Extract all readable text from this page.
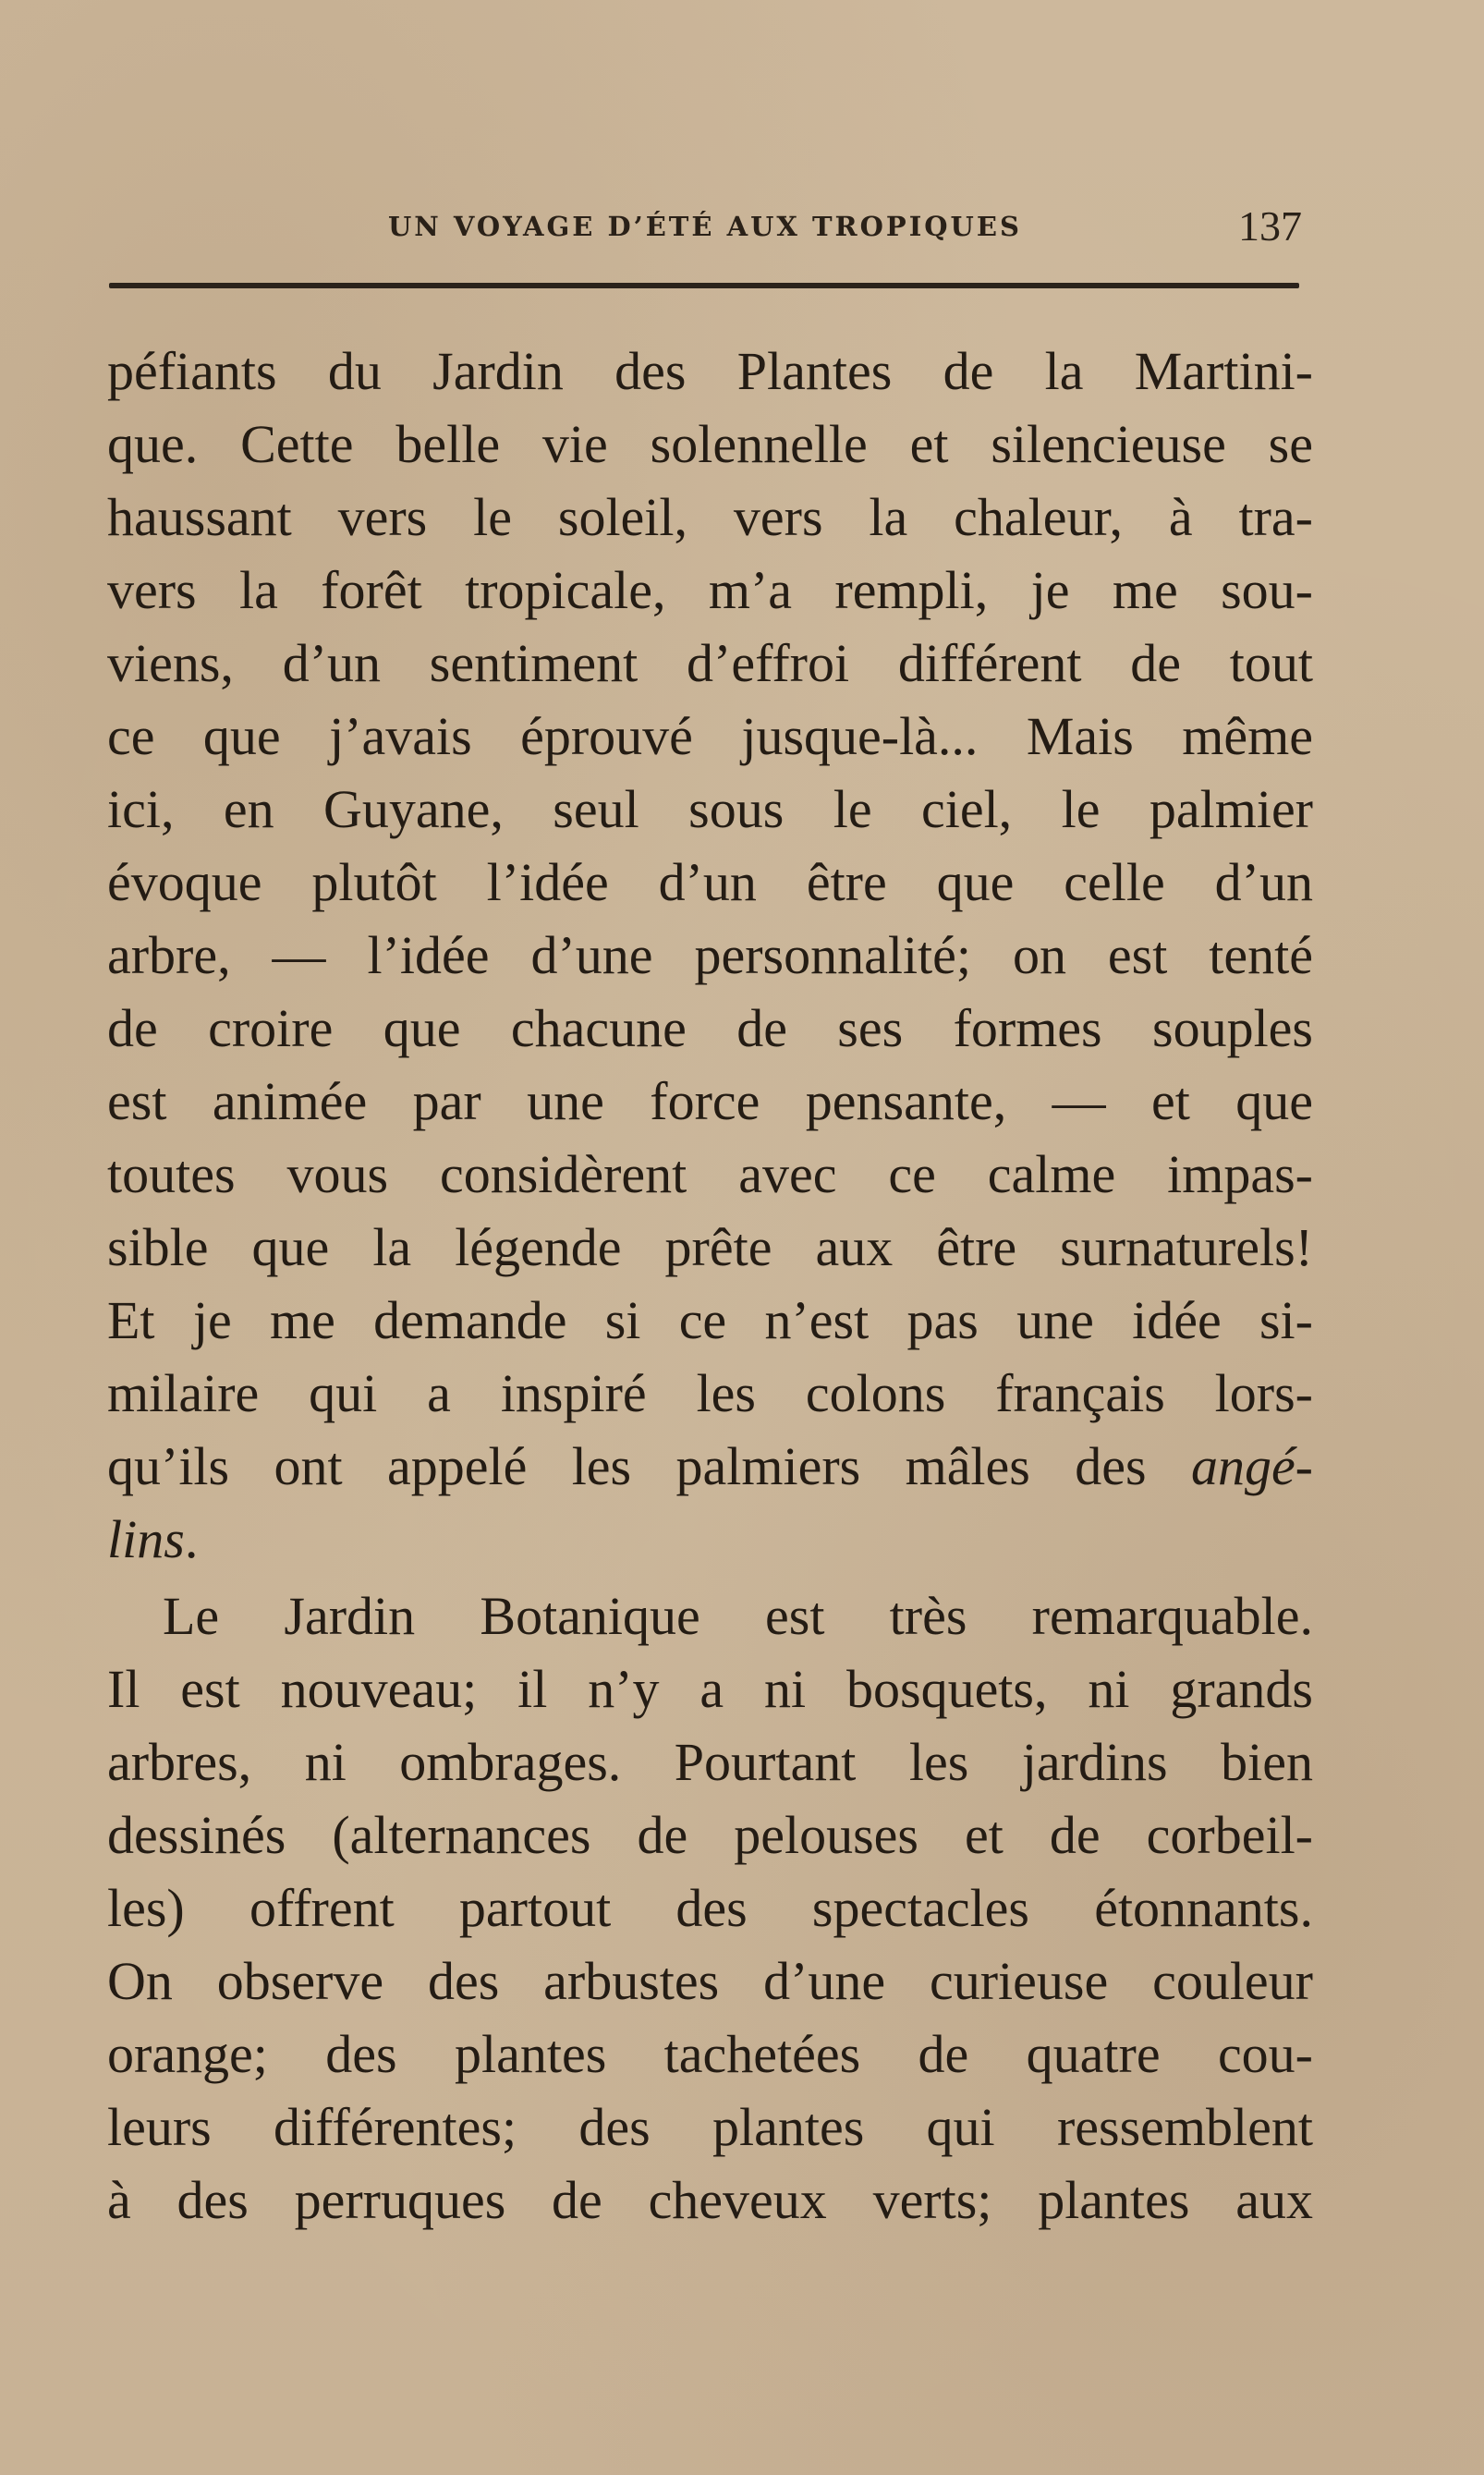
UN VOYAGE D’ÉTÉ AUX TROPIQUES	137
péfiants du Jardin des Plantes de la Martini-
que. Cette belle vie solennelle et silencieuse se
haussant vers le soleil, vers la chaleur, à tra-
vers la forêt tropicale, m’a rempli, je me sou-
viens, d’un sentiment d’effroi différent de tout
ce que j’avais éprouvé jusque-là... Mais même
ici, en Guyane, seul sous le ciel, le palmier
évoque plutôt l’idée d’un être que celle d’un
arbre, — l’idée d’une personnalité; on est tenté
de croire que chacune de ses formes souples
est animée par une force pensante, — et que
toutes vous considèrent avec ce calme impas-
sible que la légende prête aux être surnaturels!
Et je me demande si ce n’est pas une idée si-
milaire qui a inspiré les colons français lors-
qu’ils ont appelé les palmiers mâles des angé-
lins.
Le Jardin Botanique est très remarquable.
Il est nouveau; il n’y a ni bosquets, ni grands
arbres, ni ombrages. Pourtant les jardins bien
dessinés (alternances de pelouses et de corbeil-
les) offrent partout des spectacles étonnants.
On observe des arbustes d’une curieuse couleur
orange; des plantes tachetées de quatre cou-
leurs différentes; des plantes qui ressemblent
à des perruques de cheveux verts; plantes aux
